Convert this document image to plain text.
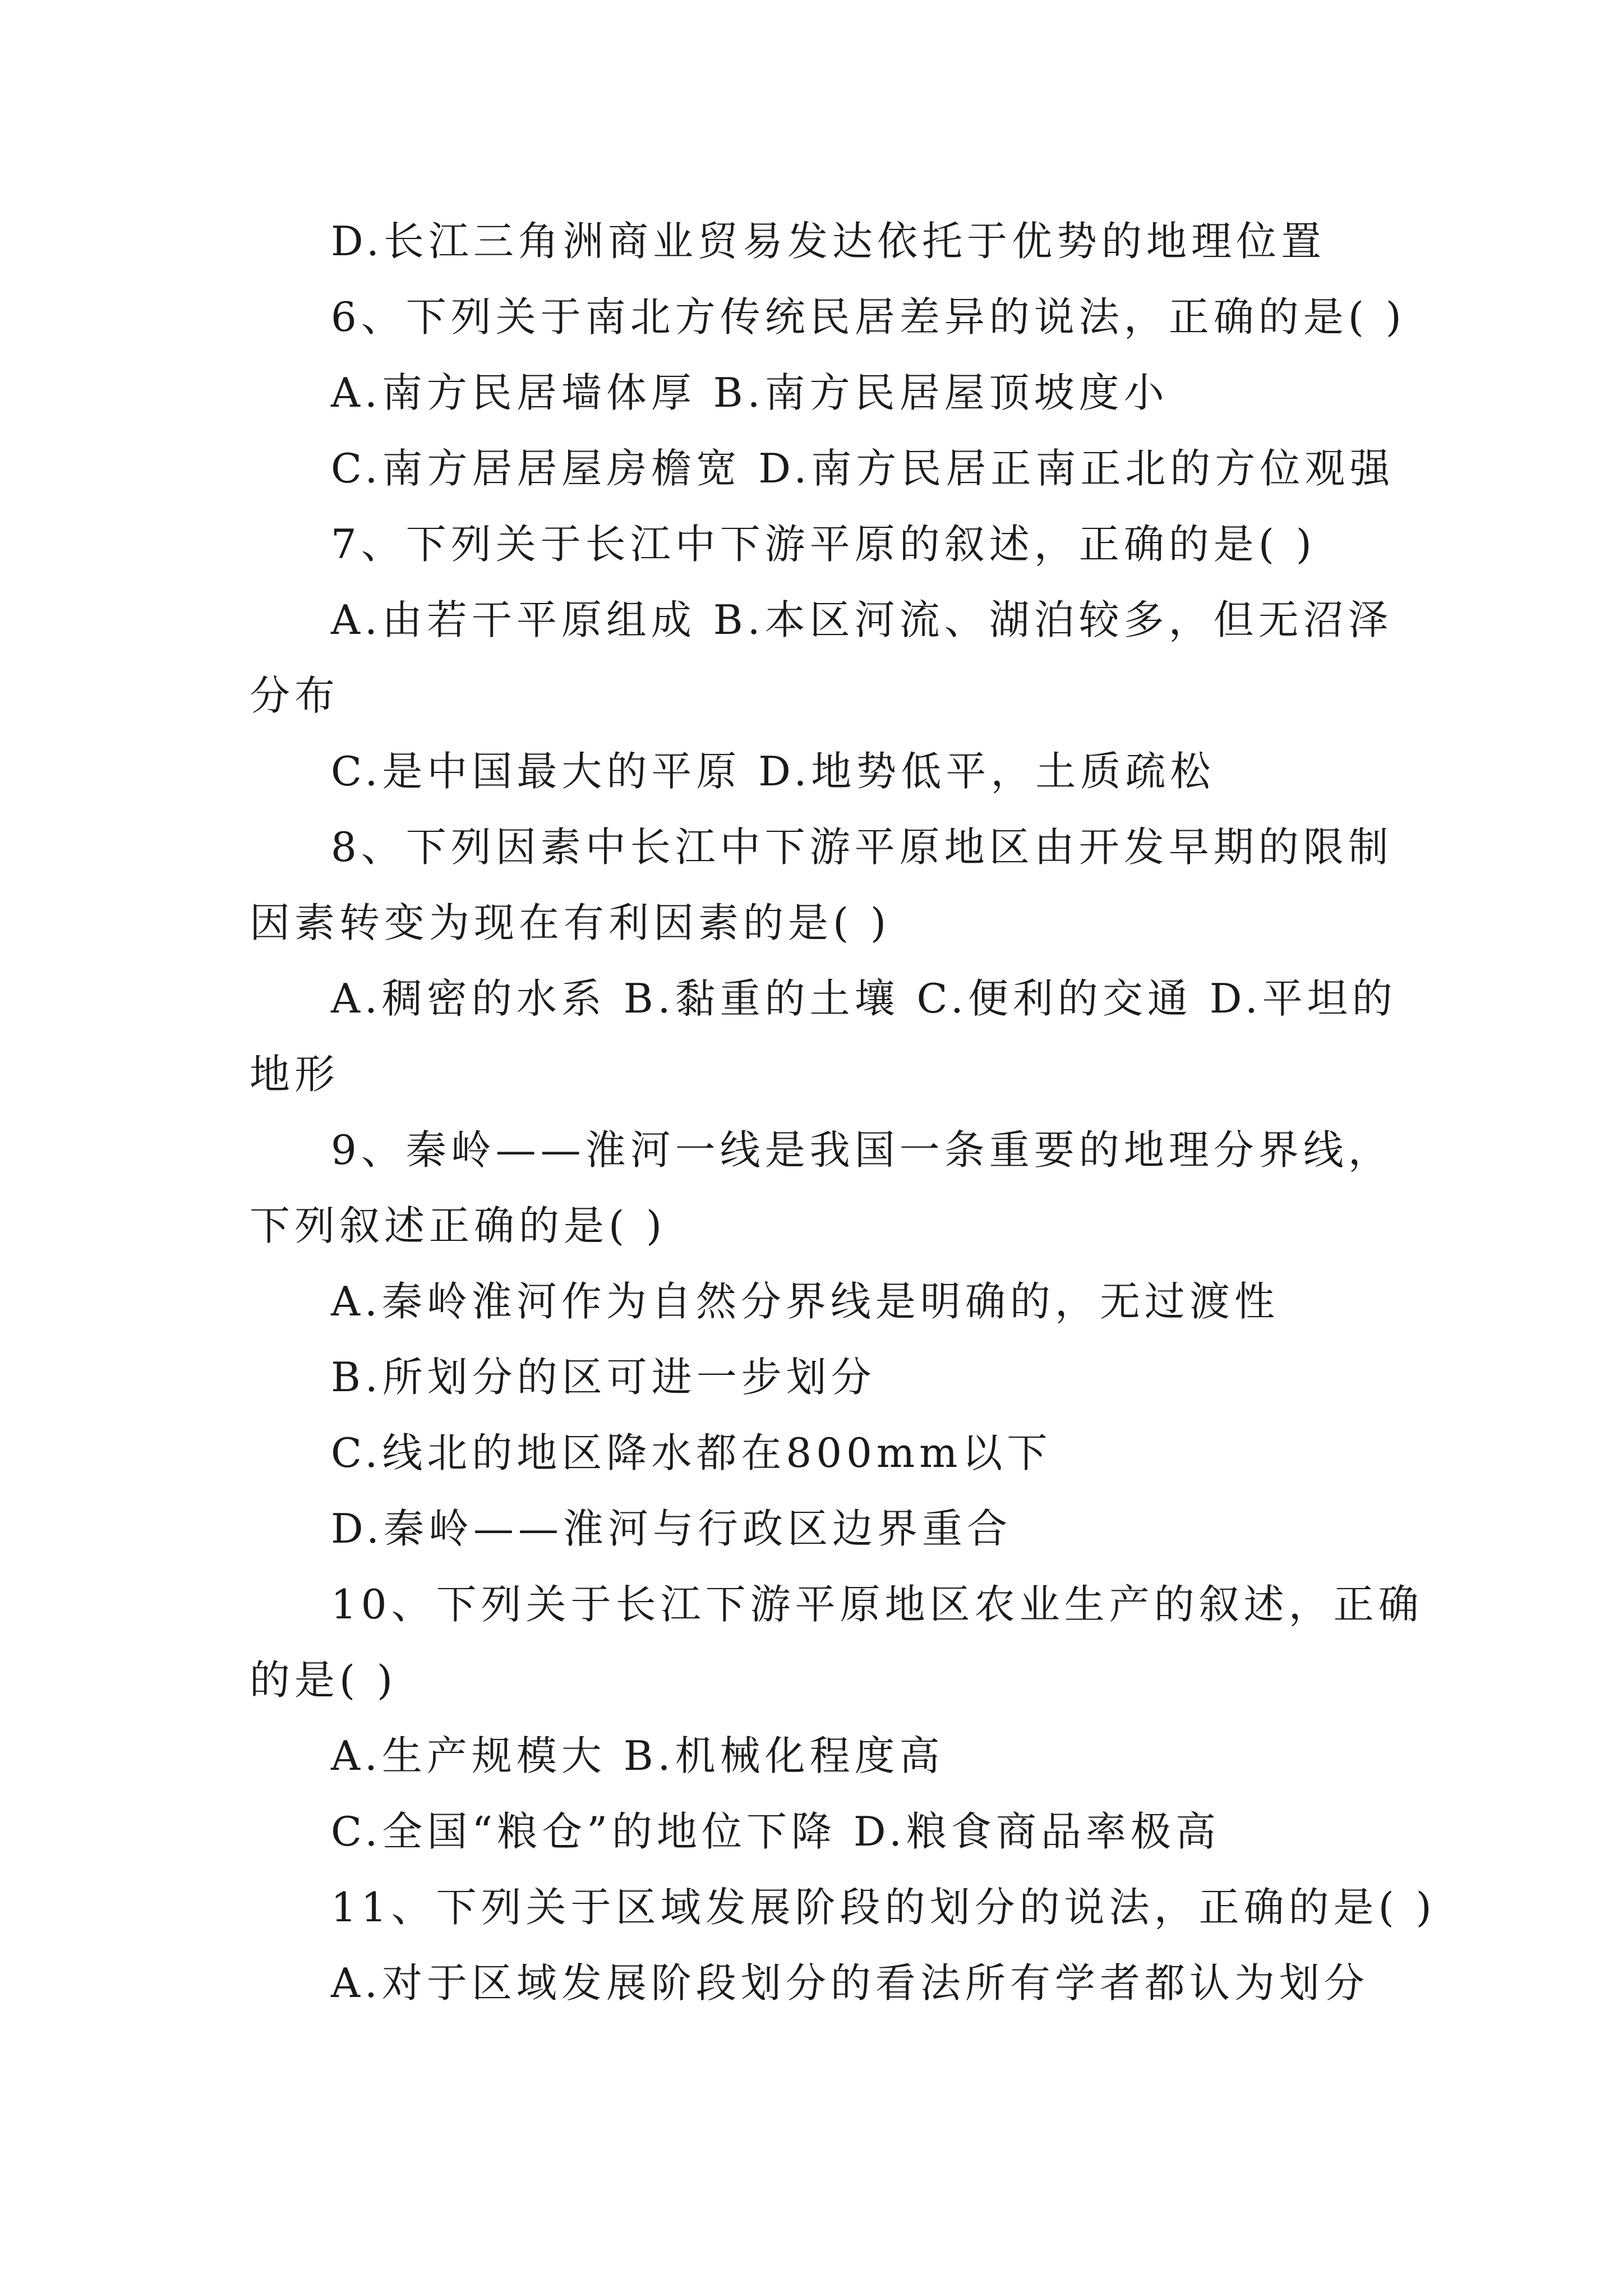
D.长江三角洲商业贸易发达依托于优势的地理位置
6、下列关于南北方传统民居差异的说法，正确的是( )
A.南方民居墙体厚 B.南方民居屋顶坡度小
C.南方居居屋房檐宽 D.南方民居正南正北的方位观强
7、下列关于长江中下游平原的叙述，正确的是( )
A.由若干平原组成 B.本区河流、湖泊较多，但无沼泽
分布
C.是中国最大的平原 D.地势低平，土质疏松
8、下列因素中长江中下游平原地区由开发早期的限制
因素转变为现在有利因素的是( )
A.稠密的水系 B.黏重的土壤 C.便利的交通 D.平坦的
地形
9、秦岭——淮河一线是我国一条重要的地理分界线，
下列叙述正确的是( )
A.秦岭淮河作为自然分界线是明确的，无过渡性
B.所划分的区可进一步划分
C.线北的地区降水都在800mm以下
D.秦岭——淮河与行政区边界重合
10、下列关于长江下游平原地区农业生产的叙述，正确
的是( )
A.生产规模大 B.机械化程度高
C.全国“粮仓”的地位下降 D.粮食商品率极高
11、下列关于区域发展阶段的划分的说法，正确的是( )
A.对于区域发展阶段划分的看法所有学者都认为划分
